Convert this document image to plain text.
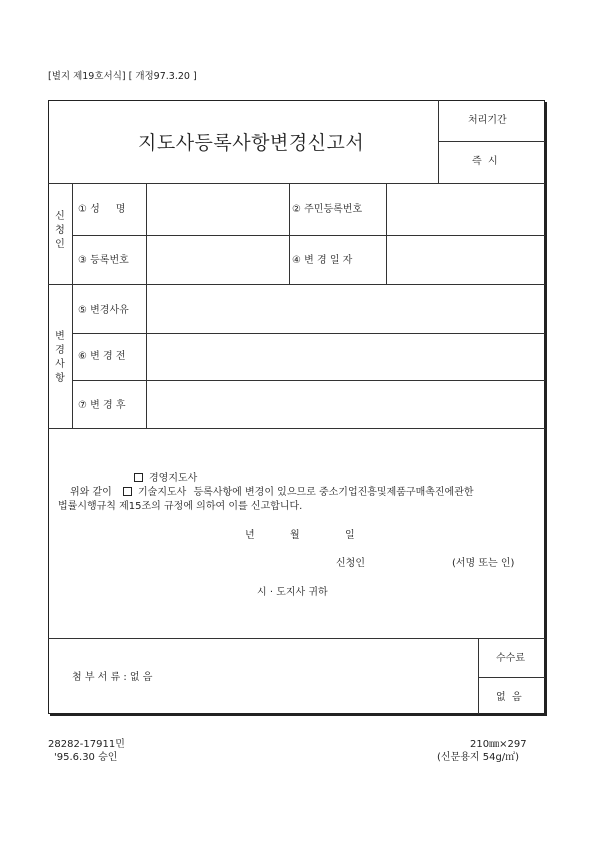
[별지 제19호서식] [ 개정97.3.20 ]
지도사등록사항변경신고서
처리기간
즉  시
신
청
인
① 성     명	② 주민등록번호
③ 등록번호	④ 변 경 일 자
변
경
사
항
⑤ 변경사유
⑥ 변 경 전
⑦ 변 경 후
경영지도사
위와 같이	기술지도사 등록사항에 변경이 있으므로 중소기업진흥및제품구매촉진에관한
법률시행규칙 제15조의 규정에 의하여 이를 신고합니다.
년	월	일
신청인	(서명 또는 인)
시 · 도지사 귀하
첨 부 서 류 : 없 음
수수료
없  음
28282-17911민
'95.6.30 승인
210㎜×297
(신문용지 54g/㎡)
